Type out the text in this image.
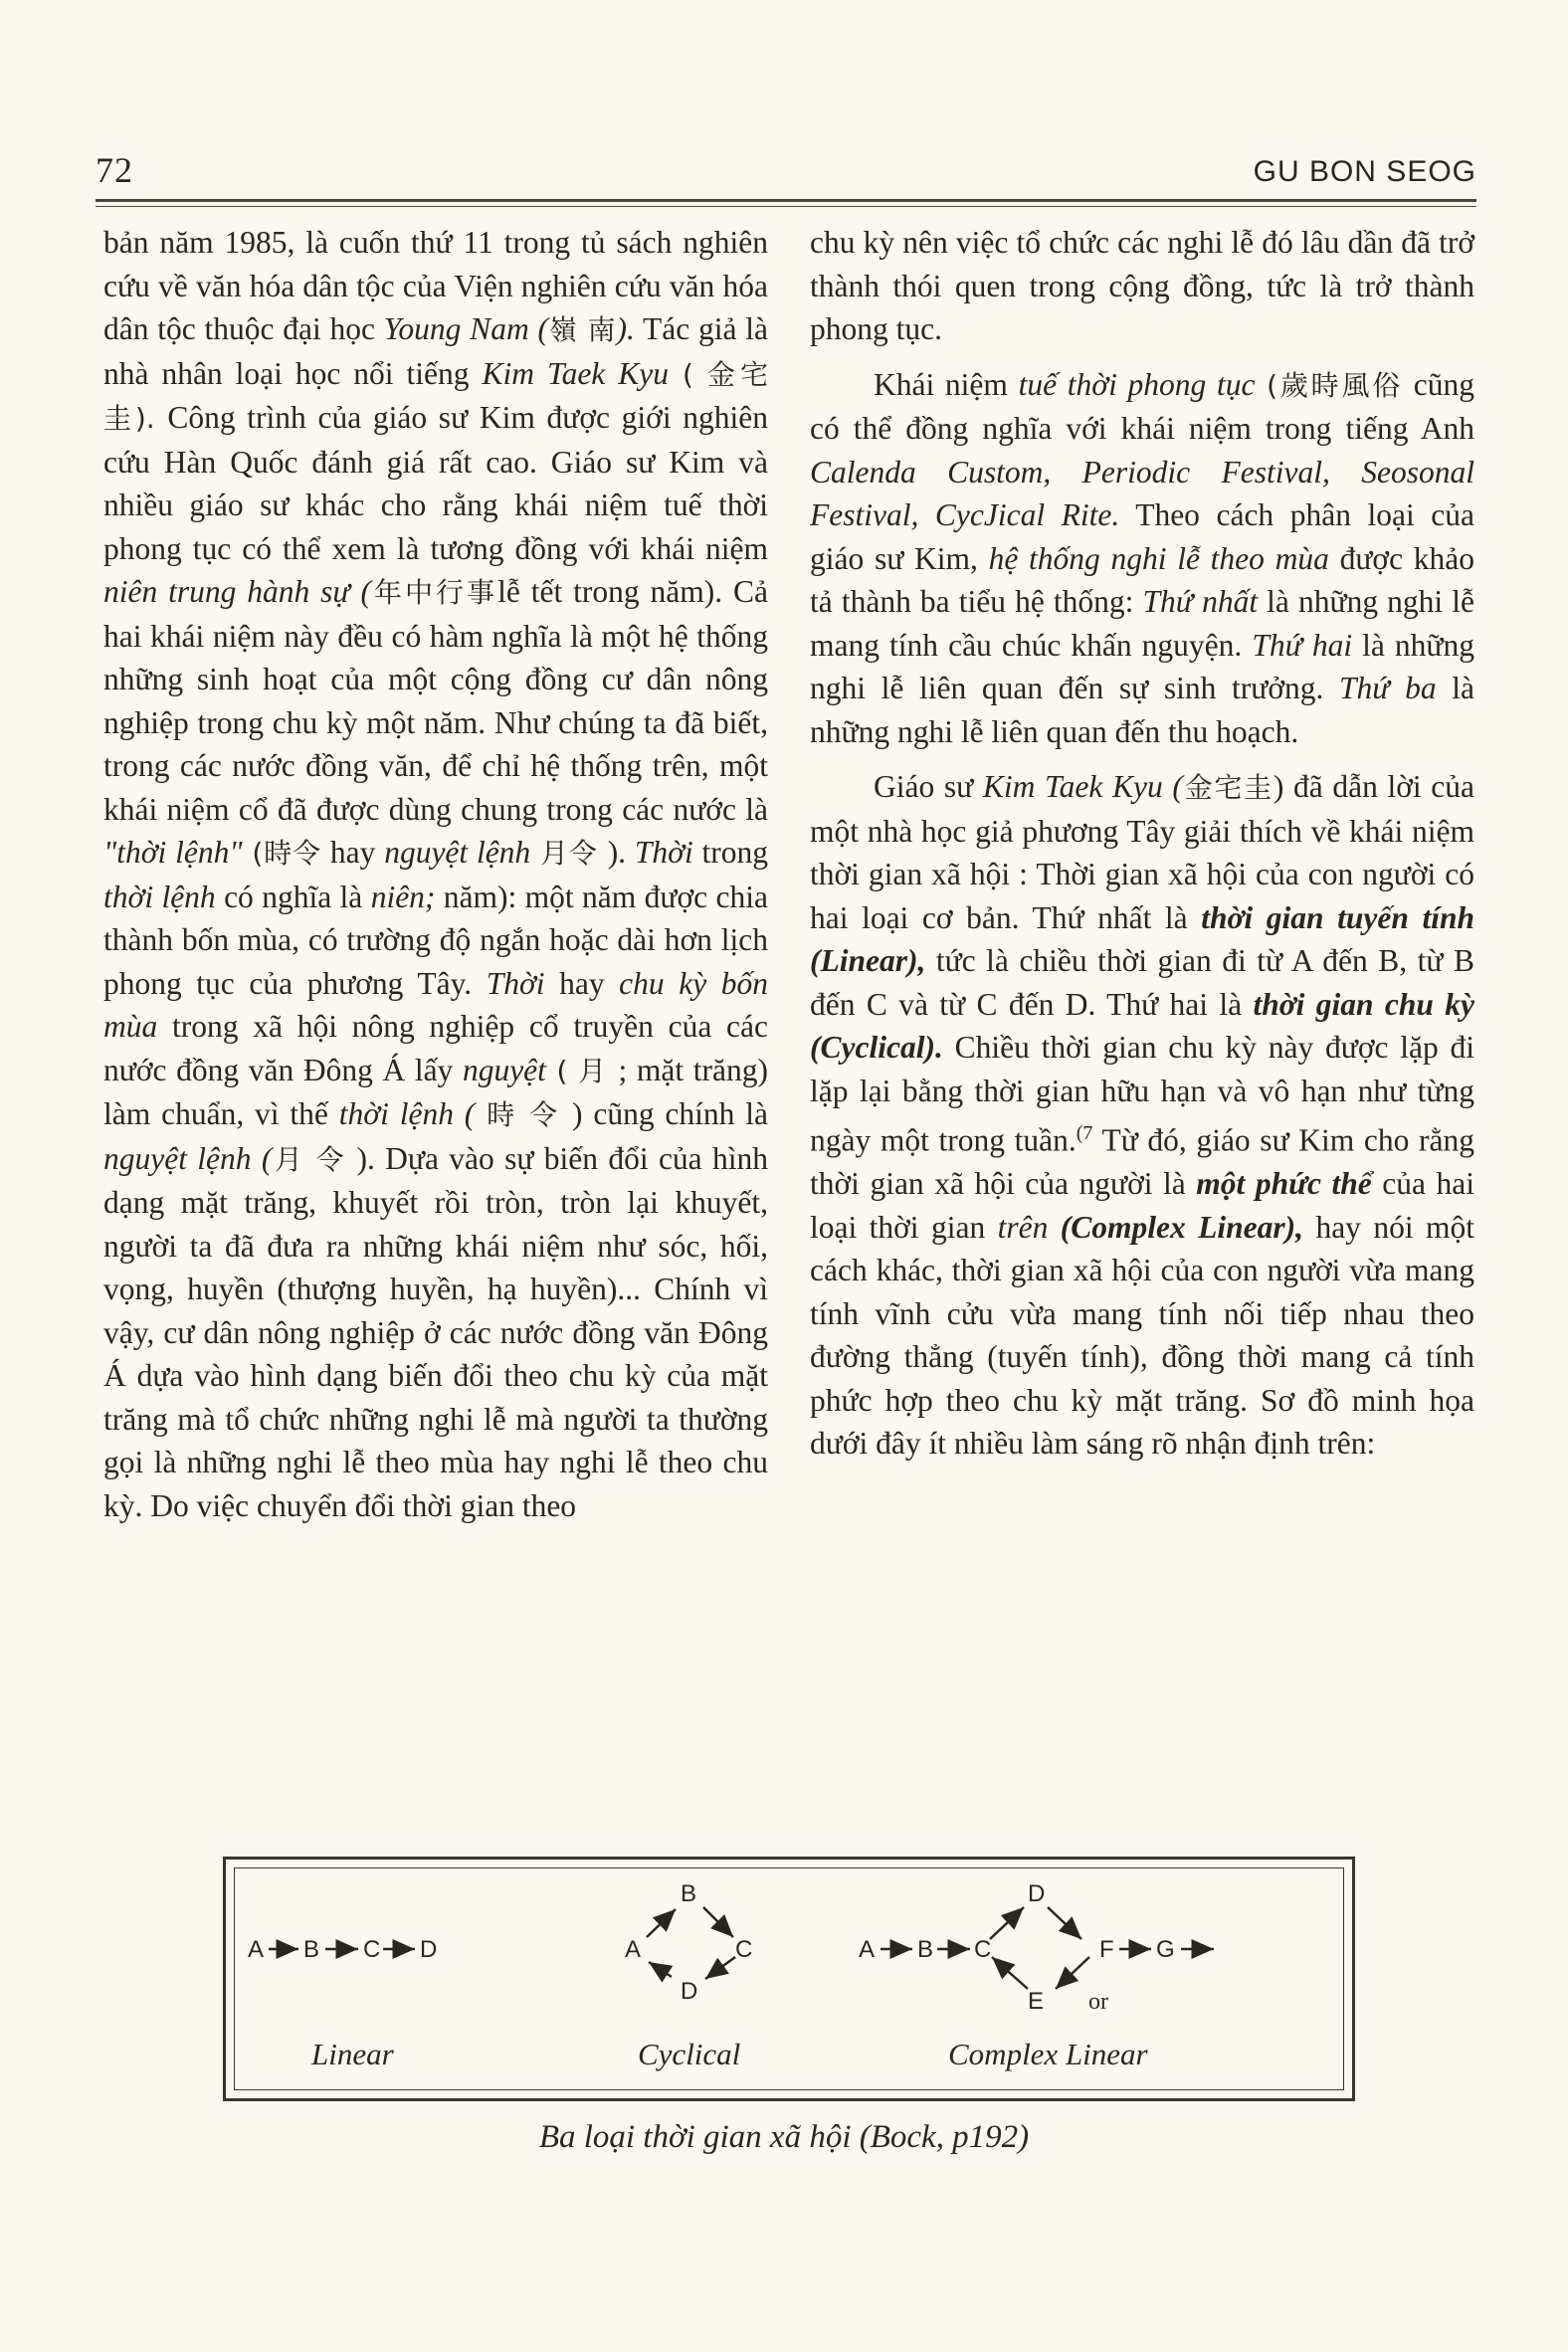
72	GU BON SEOG

bản năm 1985, là cuốn thứ 11 trong tủ sách nghiên cứu về văn hóa dân tộc của Viện nghiên cứu văn hóa dân tộc thuộc đại học Young Nam (嶺 南). Tác giả là nhà nhân loại học nổi tiếng Kim Taek Kyu ( 金宅 圭). Công trình của giáo sư Kim được giới nghiên cứu Hàn Quốc đánh giá rất cao. Giáo sư Kim và nhiều giáo sư khác cho rằng khái niệm tuế thời phong tục có thể xem là tương đồng với khái niệm niên trung hành sự (年中行事lễ tết trong năm). Cả hai khái niệm này đều có hàm nghĩa là một hệ thống những sinh hoạt của một cộng đồng cư dân nông nghiệp trong chu kỳ một năm. Như chúng ta đã biết, trong các nước đồng văn, để chỉ hệ thống trên, một khái niệm cổ đã được dùng chung trong các nước là "thời lệnh" (時令 hay nguyệt lệnh 月令 ). Thời trong thời lệnh có nghĩa là niên; năm): một năm được chia thành bốn mùa, có trường độ ngắn hoặc dài hơn lịch phong tục của phương Tây. Thời hay chu kỳ bốn mùa trong xã hội nông nghiệp cổ truyền của các nước đồng văn Đông Á lấy nguyệt ( 月 ; mặt trăng) làm chuẩn, vì thế thời lệnh ( 時 令 ) cũng chính là nguyệt lệnh (月 令 ). Dựa vào sự biến đổi của hình dạng mặt trăng, khuyết rồi tròn, tròn lại khuyết, người ta đã đưa ra những khái niệm như sóc, hối, vọng, huyền (thượng huyền, hạ huyền)... Chính vì vậy, cư dân nông nghiệp ở các nước đồng văn Đông Á dựa vào hình dạng biến đổi theo chu kỳ của mặt trăng mà tổ chức những nghi lễ mà người ta thường gọi là những nghi lễ theo mùa hay nghi lễ theo chu kỳ. Do việc chuyển đổi thời gian theo

chu kỳ nên việc tổ chức các nghi lễ đó lâu dần đã trở thành thói quen trong cộng đồng, tức là trở thành phong tục.

Khái niệm tuế thời phong tục (歲時風俗 cũng có thể đồng nghĩa với khái niệm trong tiếng Anh Calenda Custom, Periodic Festival, Seosonal Festival, CycJical Rite. Theo cách phân loại của giáo sư Kim, hệ thống nghi lễ theo mùa được khảo tả thành ba tiểu hệ thống: Thứ nhất là những nghi lễ mang tính cầu chúc khấn nguyện. Thứ hai là những nghi lễ liên quan đến sự sinh trưởng. Thứ ba là những nghi lễ liên quan đến thu hoạch.

Giáo sư Kim Taek Kyu (金宅圭) đã dẫn lời của một nhà học giả phương Tây giải thích về khái niệm thời gian xã hội : Thời gian xã hội của con người có hai loại cơ bản. Thứ nhất là thời gian tuyến tính (Linear), tức là chiều thời gian đi từ A đến B, từ B đến C và từ C đến D. Thứ hai là thời gian chu kỳ (Cyclical). Chiều thời gian chu kỳ này được lặp đi lặp lại bằng thời gian hữu hạn và vô hạn như từng ngày một trong tuần.$^{(7}$ Từ đó, giáo sư Kim cho rằng thời gian xã hội của người là một phức thể của hai loại thời gian trên (Complex Linear), hay nói một cách khác, thời gian xã hội của con người vừa mang tính vĩnh cửu vừa mang tính nối tiếp nhau theo đường thẳng (tuyến tính), đồng thời mang cả tính phức hợp theo chu kỳ mặt trăng. Sơ đồ minh họa dưới đây ít nhiều làm sáng rõ nhận định trên:

A B C D	A
B
C
D
A B C
D
E
F G
or
Linear	Cyclical	Complex Linear
Ba loại thời gian xã hội (Bock, p192)
